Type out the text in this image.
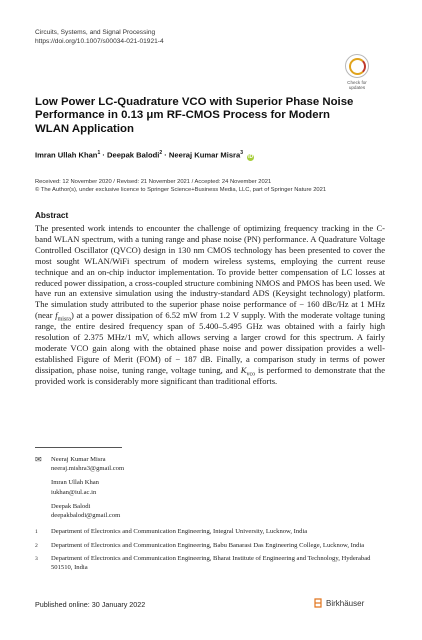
Circuits, Systems, and Signal Processing
https://doi.org/10.1007/s00034-021-01921-4
Check for
updates
Low Power LC-Quadrature VCO with Superior Phase Noise Performance in 0.13 μm RF-CMOS Process for Modern WLAN Application
Imran Ullah Khan$^1$ · Deepak Balodi$^2$ · Neeraj Kumar Misra$^3$ iD
Received: 12 November 2020 / Revised: 21 November 2021 / Accepted: 24 November 2021
© The Author(s), under exclusive licence to Springer Science+Business Media, LLC, part of Springer Nature 2021
Abstract
The presented work intends to encounter the challenge of optimizing frequency tracking in the C-band WLAN spectrum, with a tuning range and phase noise (PN) performance. A Quadrature Voltage Controlled Oscillator (QVCO) design in 130 nm CMOS technology has been presented to cover the most sought WLAN/WiFi spectrum of modern wireless systems, employing the current reuse technique and an on-chip inductor implementation. To provide better compensation of LC losses at reduced power dissipation, a cross-coupled structure combining NMOS and PMOS has been used. We have run an extensive simulation using the industry-standard ADS (Keysight technology) platform. The simulation study attributed to the superior phase noise performance of − 160 dBc/Hz at 1 MHz (near $f_{misra}$) at a power dissipation of 6.52 mW from 1.2 V supply. With the moderate voltage tuning range, the entire desired frequency span of 5.400–5.495 GHz was obtained with a fairly high resolution of 2.375 MHz/1 mV, which allows serving a larger crowd for this spectrum. A fairly moderate VCO gain along with the obtained phase noise and power dissipation provides a well-established Figure of Merit (FOM) of − 187 dB. Finally, a comparison study in terms of power dissipation, phase noise, tuning range, voltage tuning, and $K_{vco}$ is performed to demonstrate that the provided work is considerably more significant than traditional efforts.
✉	Neeraj Kumar Misra
neeraj.mishra3@gmail.com
Imran Ullah Khan
iukhan@iul.ac.in
Deepak Balodi
deepakbalodi@gmail.com
1	Department of Electronics and Communication Engineering, Integral University, Lucknow, India
2	Department of Electronics and Communication Engineering, Babu Banarasi Das Engineering College, Lucknow, India
3	Department of Electronics and Communication Engineering, Bharat Institute of Engineering and Technology, Hyderabad 501510, India
Published online: 30 January 2022	Birkhäuser
